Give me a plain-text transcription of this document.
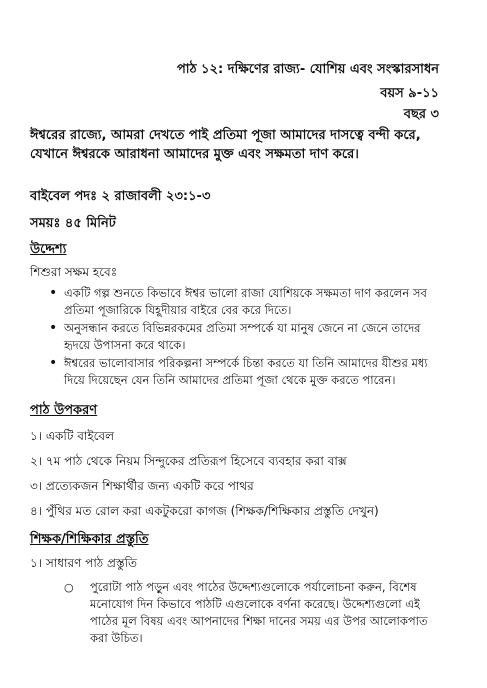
পাঠ ১২: দক্ষিণের রাজ্য- যোশিয় এবং সংস্কারসাধন
বয়স ৯-১১
বছর ৩
ঈশ্বরের রাজ্যে, আমরা দেখতে পাই প্রতিমা পূজা আমাদের দাসত্বে বন্দী করে, যেখানে ঈশ্বরকে আরাধনা আমাদের মুক্ত এবং সক্ষমতা দাণ করে।
বাইবেল পদঃ ২ রাজাবলী ২৩:১-৩
সময়ঃ ৪৫ মিনিট
উদ্দেশ্য
শিশুরা সক্ষম হবেঃ
• একটি গল্প শুনতে কিভাবে ঈশ্বর ভালো রাজা যোশিয়কে সক্ষমতা দাণ করলেন সব প্রতিমা পূজারিকে যিহূদীয়ার বাইরে বের করে দিতে।
• অনুসন্ধান করতে বিভিন্নরকমের প্রতিমা সম্পর্কে যা মানুষ জেনে না জেনে তাদের হৃদয়ে উপাসনা করে থাকে।
• ঈশ্বরের ভালোবাসার পরিকল্পনা সম্পর্কে চিন্তা করতে যা তিনি আমাদের যীশুর মধ্য দিয়ে দিয়েছেন যেন তিনি আমাদের প্রতিমা পূজা থেকে মুক্ত করতে পারেন।
পাঠ উপকরণ
১। একটি বাইবেল
২। ৭ম পাঠ থেকে নিয়ম সিন্দুকের প্রতিরূপ হিসেবে ব্যবহার করা বাক্স
৩। প্রত্যেকজন শিক্ষার্থীর জন্য একটি করে পাথর
৪। পুঁথির মত রোল করা একটুকরো কাগজ (শিক্ষক/শিক্ষিকার প্রস্তুতি দেখুন)
শিক্ষক/শিক্ষিকার প্রস্তুতি
১। সাধারণ পাঠ প্রস্তুতি
○ পুরোটা পাঠ পড়ুন এবং পাঠের উদ্দেশ্যগুলোকে পর্যালোচনা করুন, বিশেষ মনোযোগ দিন কিভাবে পাঠটি এগুলোকে বর্ণনা করেছে। উদ্দেশ্যগুলো এই পাঠের মূল বিষয় এবং আপনাদের শিক্ষা দানের সময় এর উপর আলোকপাত করা উচিত।
